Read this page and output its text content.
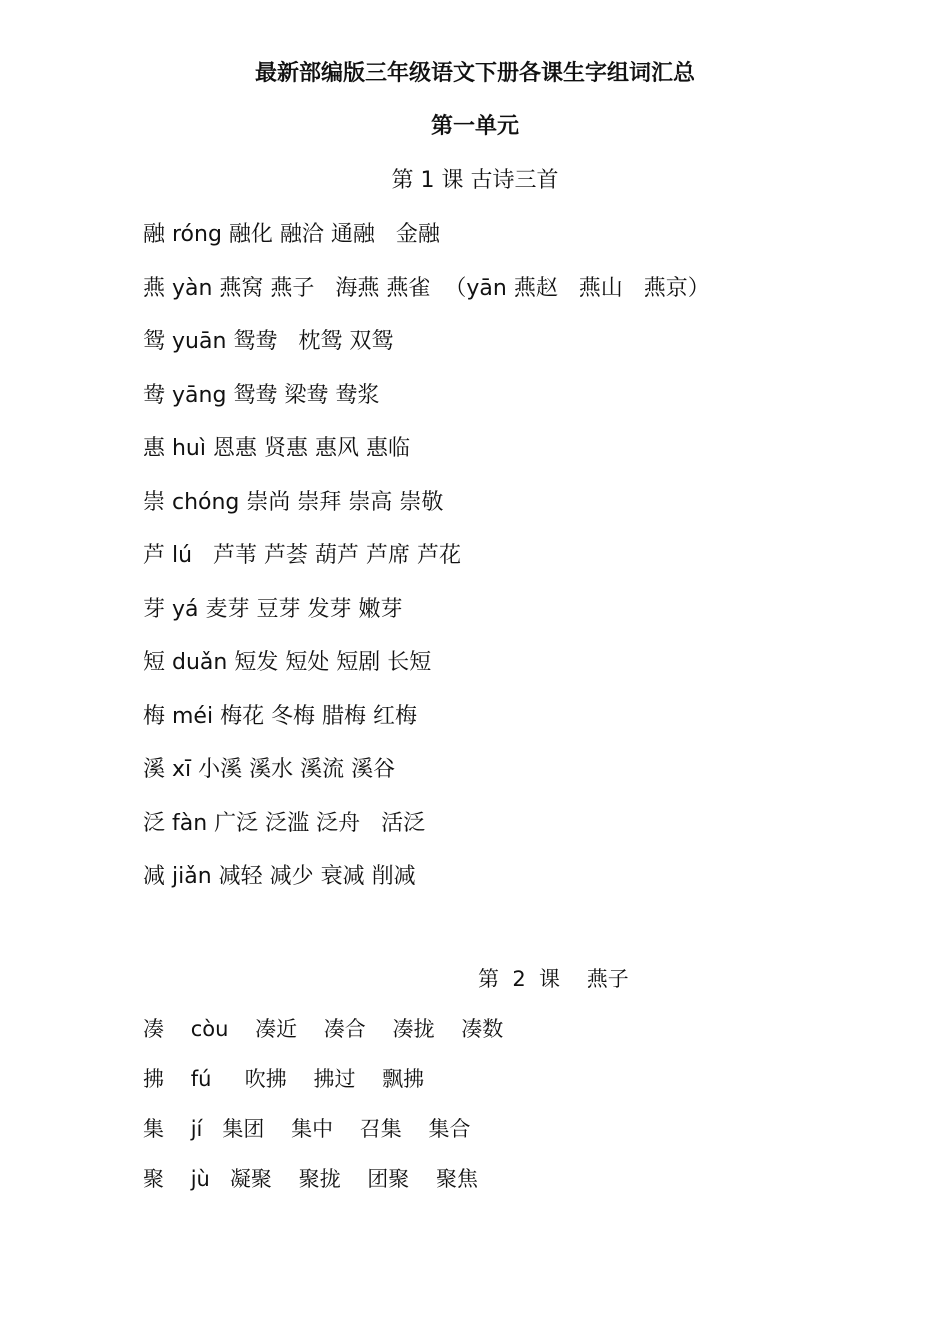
最新部编版三年级语文下册各课生字组词汇总
第一单元
第 1 课 古诗三首
融 róng 融化 融洽 通融   金融
燕 yàn 燕窝 燕子   海燕 燕雀  （yān 燕赵   燕山   燕京）
鸳 yuān 鸳鸯   枕鸳 双鸳
鸯 yāng 鸳鸯 梁鸯 鸯浆
惠 huì 恩惠 贤惠 惠风 惠临
崇 chóng 崇尚 崇拜 崇高 崇敬
芦 lú   芦苇 芦荟 葫芦 芦席 芦花
芽 yá 麦芽 豆芽 发芽 嫩芽
短 duǎn 短发 短处 短剧 长短
梅 méi 梅花 冬梅 腊梅 红梅
溪 xī 小溪 溪水 溪流 溪谷
泛 fàn 广泛 泛滥 泛舟   活泛
减 jiǎn 减轻 减少 衰减 削减
第  2  课    燕子
凑    còu    凑近    凑合    凑拢    凑数
拂    fú     吹拂    拂过    飘拂
集    jí   集团    集中    召集    集合
聚    jù   凝聚    聚拢    团聚    聚焦
